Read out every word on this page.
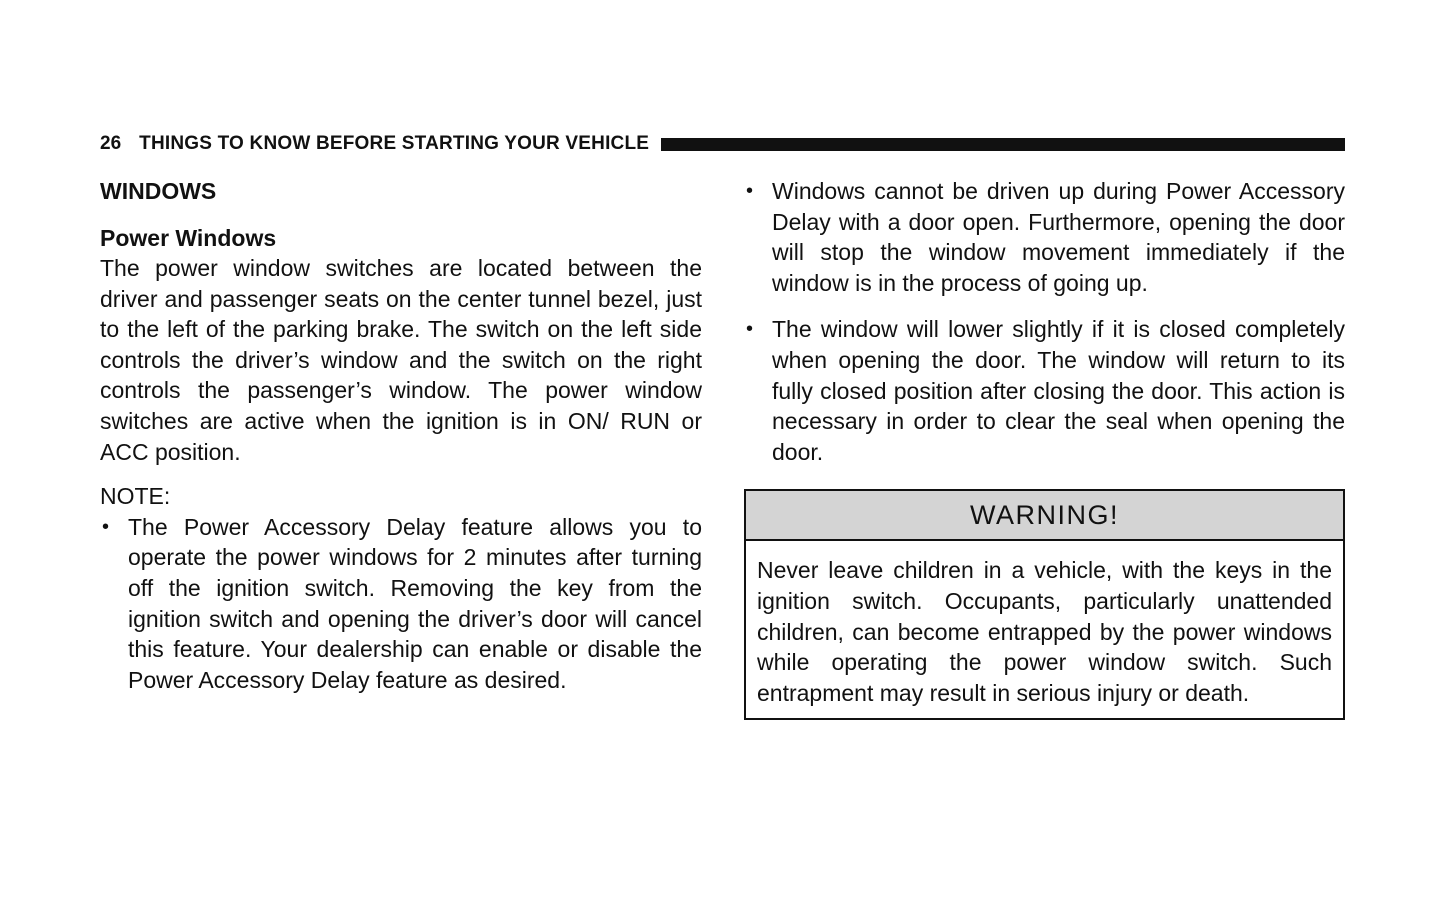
26 THINGS TO KNOW BEFORE STARTING YOUR VEHICLE
WINDOWS
Power Windows

The power window switches are located between the driver and passenger seats on the center tunnel bezel, just to the left of the parking brake. The switch on the left side controls the driver’s window and the switch on the right controls the passenger’s window. The power window switches are active when the ignition is in ON/ RUN or ACC position.

NOTE:
• The Power Accessory Delay feature allows you to operate the power windows for 2 minutes after turning off the ignition switch. Removing the key from the ignition switch and opening the driver’s door will cancel this feature. Your dealership can enable or disable the Power Accessory Delay feature as desired.
• Windows cannot be driven up during Power Accessory Delay with a door open. Furthermore, opening the door will stop the window movement immediately if the window is in the process of going up.
• The window will lower slightly if it is closed completely when opening the door. The window will return to its fully closed position after closing the door. This action is necessary in order to clear the seal when opening the door.
WARNING!
Never leave children in a vehicle, with the keys in the ignition switch. Occupants, particularly unattended children, can become entrapped by the power windows while operating the power window switch. Such entrapment may result in serious injury or death.
